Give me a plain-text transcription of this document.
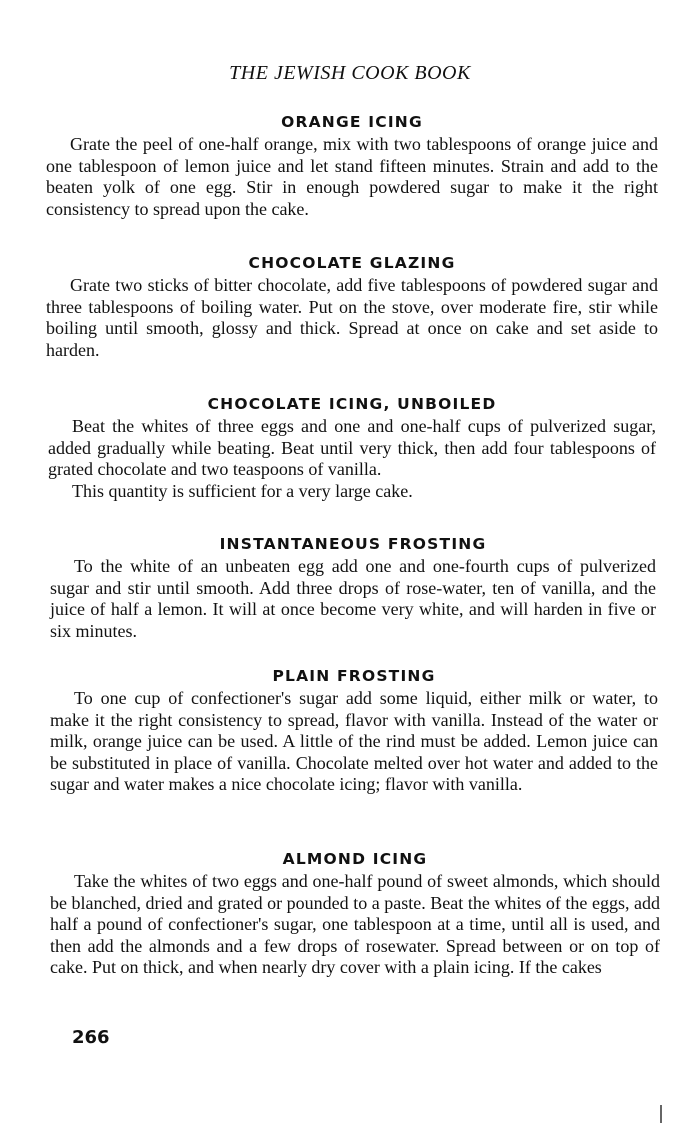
THE JEWISH COOK BOOK
ORANGE ICING
Grate the peel of one-half orange, mix with two tablespoons of orange juice and one tablespoon of lemon juice and let stand fifteen minutes. Strain and add to the beaten yolk of one egg. Stir in enough powdered sugar to make it the right consistency to spread upon the cake.
CHOCOLATE GLAZING
Grate two sticks of bitter chocolate, add five tablespoons of powdered sugar and three tablespoons of boiling water. Put on the stove, over moderate fire, stir while boiling until smooth, glossy and thick. Spread at once on cake and set aside to harden.
CHOCOLATE ICING, UNBOILED
Beat the whites of three eggs and one and one-half cups of pulverized sugar, added gradually while beating. Beat until very thick, then add four tablespoons of grated chocolate and two teaspoons of vanilla.
This quantity is sufficient for a very large cake.
INSTANTANEOUS FROSTING
To the white of an unbeaten egg add one and one-fourth cups of pulverized sugar and stir until smooth. Add three drops of rose-water, ten of vanilla, and the juice of half a lemon. It will at once become very white, and will harden in five or six minutes.
PLAIN FROSTING
To one cup of confectioner's sugar add some liquid, either milk or water, to make it the right consistency to spread, flavor with vanilla. Instead of the water or milk, orange juice can be used. A little of the rind must be added. Lemon juice can be substituted in place of vanilla. Chocolate melted over hot water and added to the sugar and water makes a nice chocolate icing; flavor with vanilla.
ALMOND ICING
Take the whites of two eggs and one-half pound of sweet almonds, which should be blanched, dried and grated or pounded to a paste. Beat the whites of the eggs, add half a pound of confectioner's sugar, one tablespoon at a time, until all is used, and then add the almonds and a few drops of rosewater. Spread between or on top of cake. Put on thick, and when nearly dry cover with a plain icing. If the cakes
266
